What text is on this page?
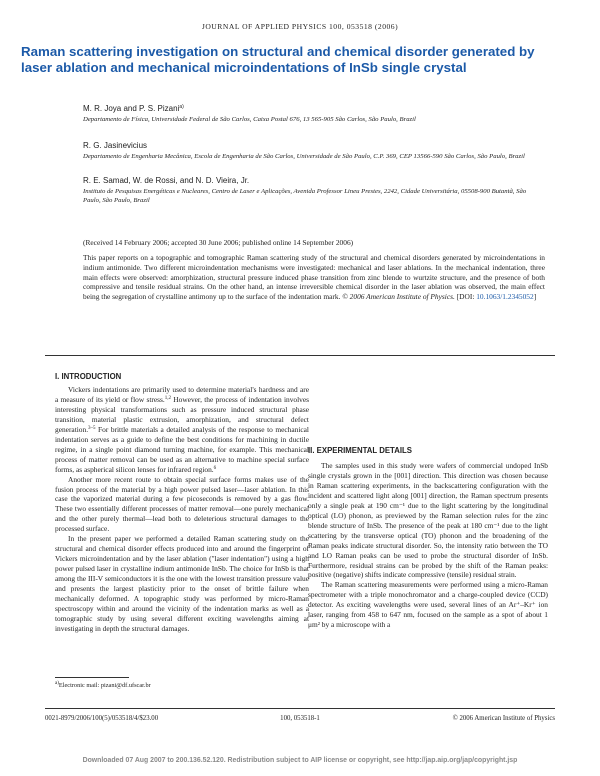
JOURNAL OF APPLIED PHYSICS 100, 053518 (2006)
Raman scattering investigation on structural and chemical disorder generated by laser ablation and mechanical microindentations of InSb single crystal
M. R. Joya and P. S. Pizani$^{a)}$
Departamento de Física, Universidade Federal de São Carlos, Caixa Postal 676, 13 565-905 São Carlos, São Paulo, Brazil
R. G. Jasinevicius
Departamento de Engenharia Mecânica, Escola de Engenharia de São Carlos, Universidade de São Paulo, C.P. 369, CEP 13566-590 São Carlos, São Paulo, Brazil
R. E. Samad, W. de Rossi, and N. D. Vieira, Jr.
Instituto de Pesquisas Energéticas e Nucleares, Centro de Laser e Aplicações, Avenida Professor Lineu Prestes, 2242, Cidade Universitária, 05508-900 Butantã, São Paulo, São Paulo, Brazil
(Received 14 February 2006; accepted 30 June 2006; published online 14 September 2006)
This paper reports on a topographic and tomographic Raman scattering study of the structural and chemical disorders generated by microindentations in indium antimonide. Two different microindentation mechanisms were investigated: mechanical and laser ablations. In the mechanical indentation, three main effects were observed: amorphization, structural pressure induced phase transition from zinc blende to wurtzite structure, and the presence of both compressive and tensile residual strains. On the other hand, an intense irreversible chemical disorder in the laser ablation was observed, the main effect being the segregation of crystalline antimony up to the surface of the indentation mark. © 2006 American Institute of Physics. [DOI: 10.1063/1.2345052]
I. INTRODUCTION

Vickers indentations are primarily used to determine material's hardness and are a measure of its yield or flow stress.$^{1,2}$ However, the process of indentation involves interesting physical transformations such as pressure induced structural phase transition, material plastic extrusion, amorphization, and structural defect generation.$^{3-5}$ For brittle materials a detailed analysis of the response to mechanical indentation serves as a guide to define the best conditions for machining in ductile regime, in a single point diamond turning machine, for example. This mechanical process of matter removal can be used as an alternative to machine special surface forms, as aspherical silicon lenses for infrared region.$^6$

Another more recent route to obtain special surface forms makes use of the fusion process of the material by a high power pulsed laser—laser ablation. In this case the vaporized material during a few picoseconds is removed by a gas flow. These two essentially different processes of matter removal—one purely mechanical and the other purely thermal—lead both to deleterious structural damages to the processed surface.

In the present paper we performed a detailed Raman scattering study on the structural and chemical disorder effects produced into and around the fingerprint of Vickers microindentation and by the laser ablation ("laser indentation") using a high power pulsed laser in crystalline indium antimonide InSb. The choice for InSb is that among the III-V semiconductors it is the one with the lowest transition pressure value and presents the largest plasticity prior to the onset of brittle failure when mechanically deformed. A topographic study was performed by micro-Raman spectroscopy within and around the vicinity of the indentation marks as well as a tomographic study by using several different exciting wavelengths aiming at investigating in depth the structural damages.

II. EXPERIMENTAL DETAILS

The samples used in this study were wafers of commercial undoped InSb single crystals grown in the [001] direction. This direction was chosen because in Raman scattering experiments, in the backscattering configuration with the incident and scattered light along [001] direction, the Raman spectrum presents only a single peak at 190 cm⁻¹ due to the light scattering by the longitudinal optical (LO) phonon, as previewed by the Raman selection rules for the zinc blende structure of InSb. The presence of the peak at 180 cm⁻¹ due to the light scattering by the transverse optical (TO) phonon and the broadening of the Raman peaks indicate structural disorder. So, the intensity ratio between the TO and LO Raman peaks can be used to probe the structural disorder of InSb. Furthermore, residual strains can be probed by the shift of the Raman peaks: positive (negative) shifts indicate compressive (tensile) residual strain.

The Raman scattering measurements were performed using a micro-Raman spectrometer with a triple monochromator and a charge-coupled device (CCD) detector. As exciting wavelengths were used, several lines of an Ar⁺–Kr⁺ ion laser, ranging from 458 to 647 nm, focused on the sample as a spot of about 1 μm² by a microscope with a

$^{a)}$Electronic mail: pizani@df.ufscar.br
0021-8979/2006/100(5)/053518/4/$23.00	100, 053518-1	© 2006 American Institute of Physics
Downloaded 07 Aug 2007 to 200.136.52.120. Redistribution subject to AIP license or copyright, see http://jap.aip.org/jap/copyright.jsp
